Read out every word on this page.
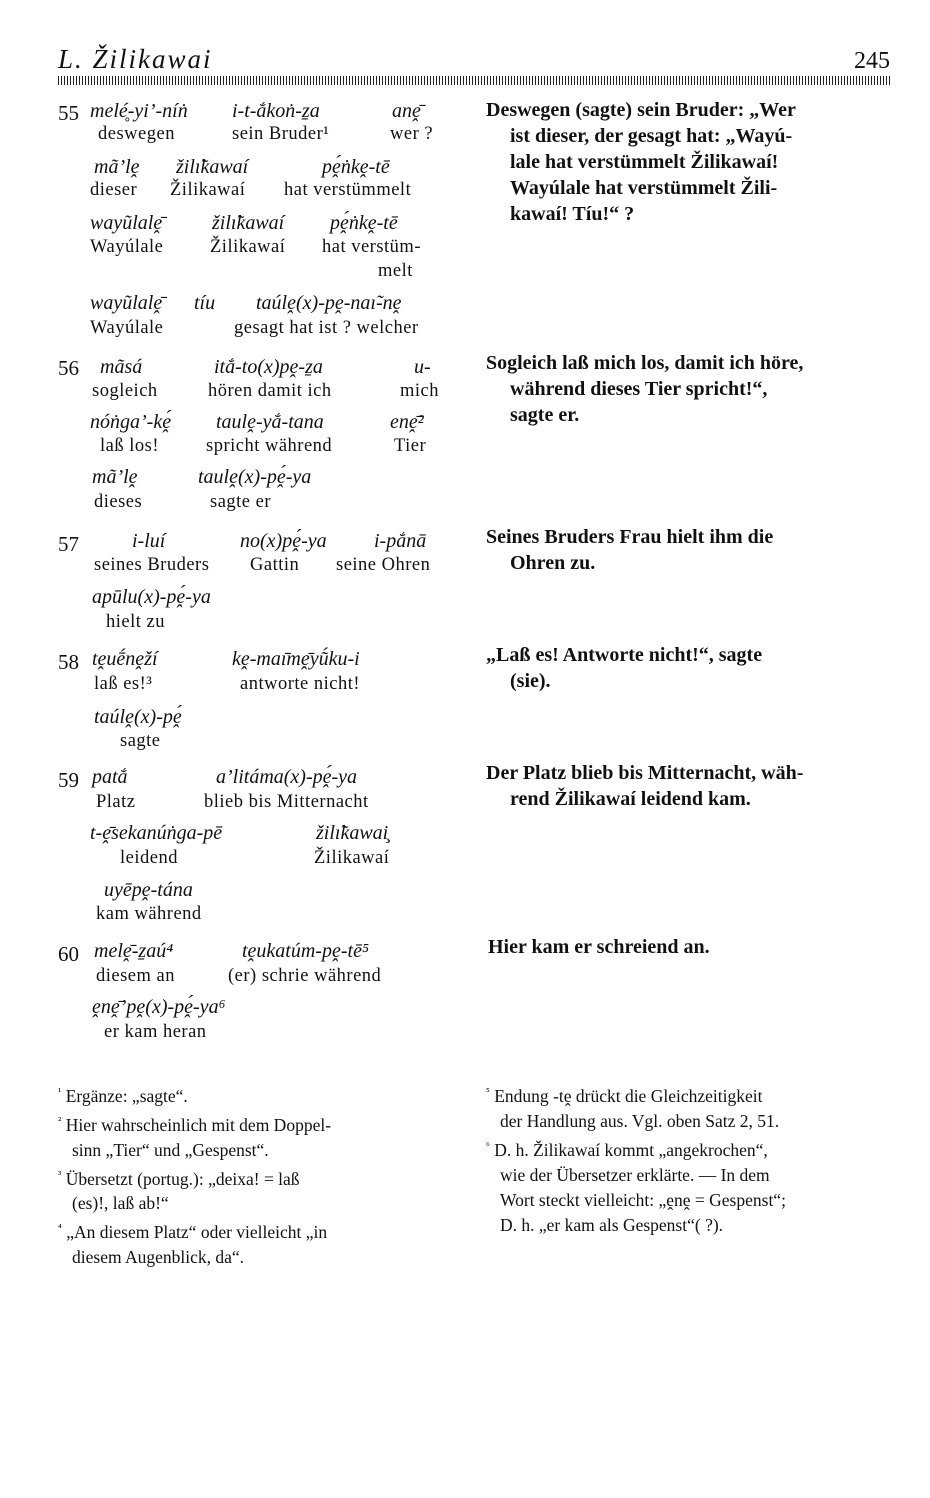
L. Žilikawai	245
55 melé̥-yi’-níṅ
deswegen
i-t-ắkoṅ-ẕa
sein Bruder¹
anḙ̄
wer ?
mã’lḙ
dieser
žilı̃kawaí
Žilikawaí
pḙ́ṅkḙ-tē
hat verstümmelt
wayũlalḙ̄
Wayúlale
žilı̃kawaí
Žilikawaí
pḙ́ṅkḙ-tē
hat verstüm-
melt
wayũlalḙ̄
Wayúlale
tíu taúlḙ(x)-pḙ-naı̃-nḙ
gesagt hat ist ? welcher
Deswegen (sagte) sein Bruder: „Wer

ist dieser, der gesagt hat: „Wayú-
lale hat verstümmelt Žilikawaí!
Wayúlale hat verstümmelt Žili-
kawaí! Tíu!“ ?
56 mãsá
sogleich
itắ-to(x)pḙ-ẕa
hören damit ich
u-
mich
nóṅga’-kḙ́
laß los!
taulḙ-yắ-tana
spricht während
enḙ̄²
Tier
mã’lḙ
dieses
taulḙ(x)-pḙ́-ya
sagte er
Sogleich laß mich los, damit ich höre,

während dieses Tier spricht!“,
sagte er.
57	i-luí
seines Bruders
no(x)pḙ́-ya
Gattin
i-pắnā
seine Ohren
apūlu(x)-pḙ́-ya
hielt zu
Seines Bruders Frau hielt ihm die

Ohren zu.
58 tḙuḗnḙží
laß es!³
kḙ-maı̄mḙ̄yṹku-i
antworte nicht!
taúlḙ(x)-pḙ́
sagte
„Laß es! Antworte nicht!“, sagte

(sie).
59 patắ
Platz
a’litáma(x)-pḙ́-ya
blieb bis Mitternacht
t-ḙ̄sekanúṅga-pē
leidend
žilı̃kawai̧
Žilikawaí
uyēpḙ-tána
kam während
Der Platz blieb bis Mitternacht, wäh-

rend Žilikawaí leidend kam.
60 melḙ̄-ẕaú⁴
diesem an
tḙukatúm-pḙ-tē⁵
(er) schrie während
ḙnḙ̄’pḙ(x)-pḙ́-ya⁶
er kam heran
Hier kam er schreiend an.
$^{^1}$ Ergänze: „sagte“.
$^{^2}$ Hier wahrscheinlich mit dem Doppel-
sinn „Tier“ und „Gespenst“.
$^{^3}$ Übersetzt (portug.): „deixa! = laß
(es)!, laß ab!“
$^{^4}$ „An diesem Platz“ oder vielleicht „in
diesem Augenblick, da“.
$^{^5}$ Endung -tḙ drückt die Gleichzeitigkeit
der Handlung aus. Vgl. oben Satz 2, 51.
$^{^6}$ D. h. Žilikawaí kommt „angekrochen“,
wie der Übersetzer erklärte. — In dem
Wort steckt vielleicht: „ḙnḙ = Gespenst“;
D. h. „er kam als Gespenst“( ?).
